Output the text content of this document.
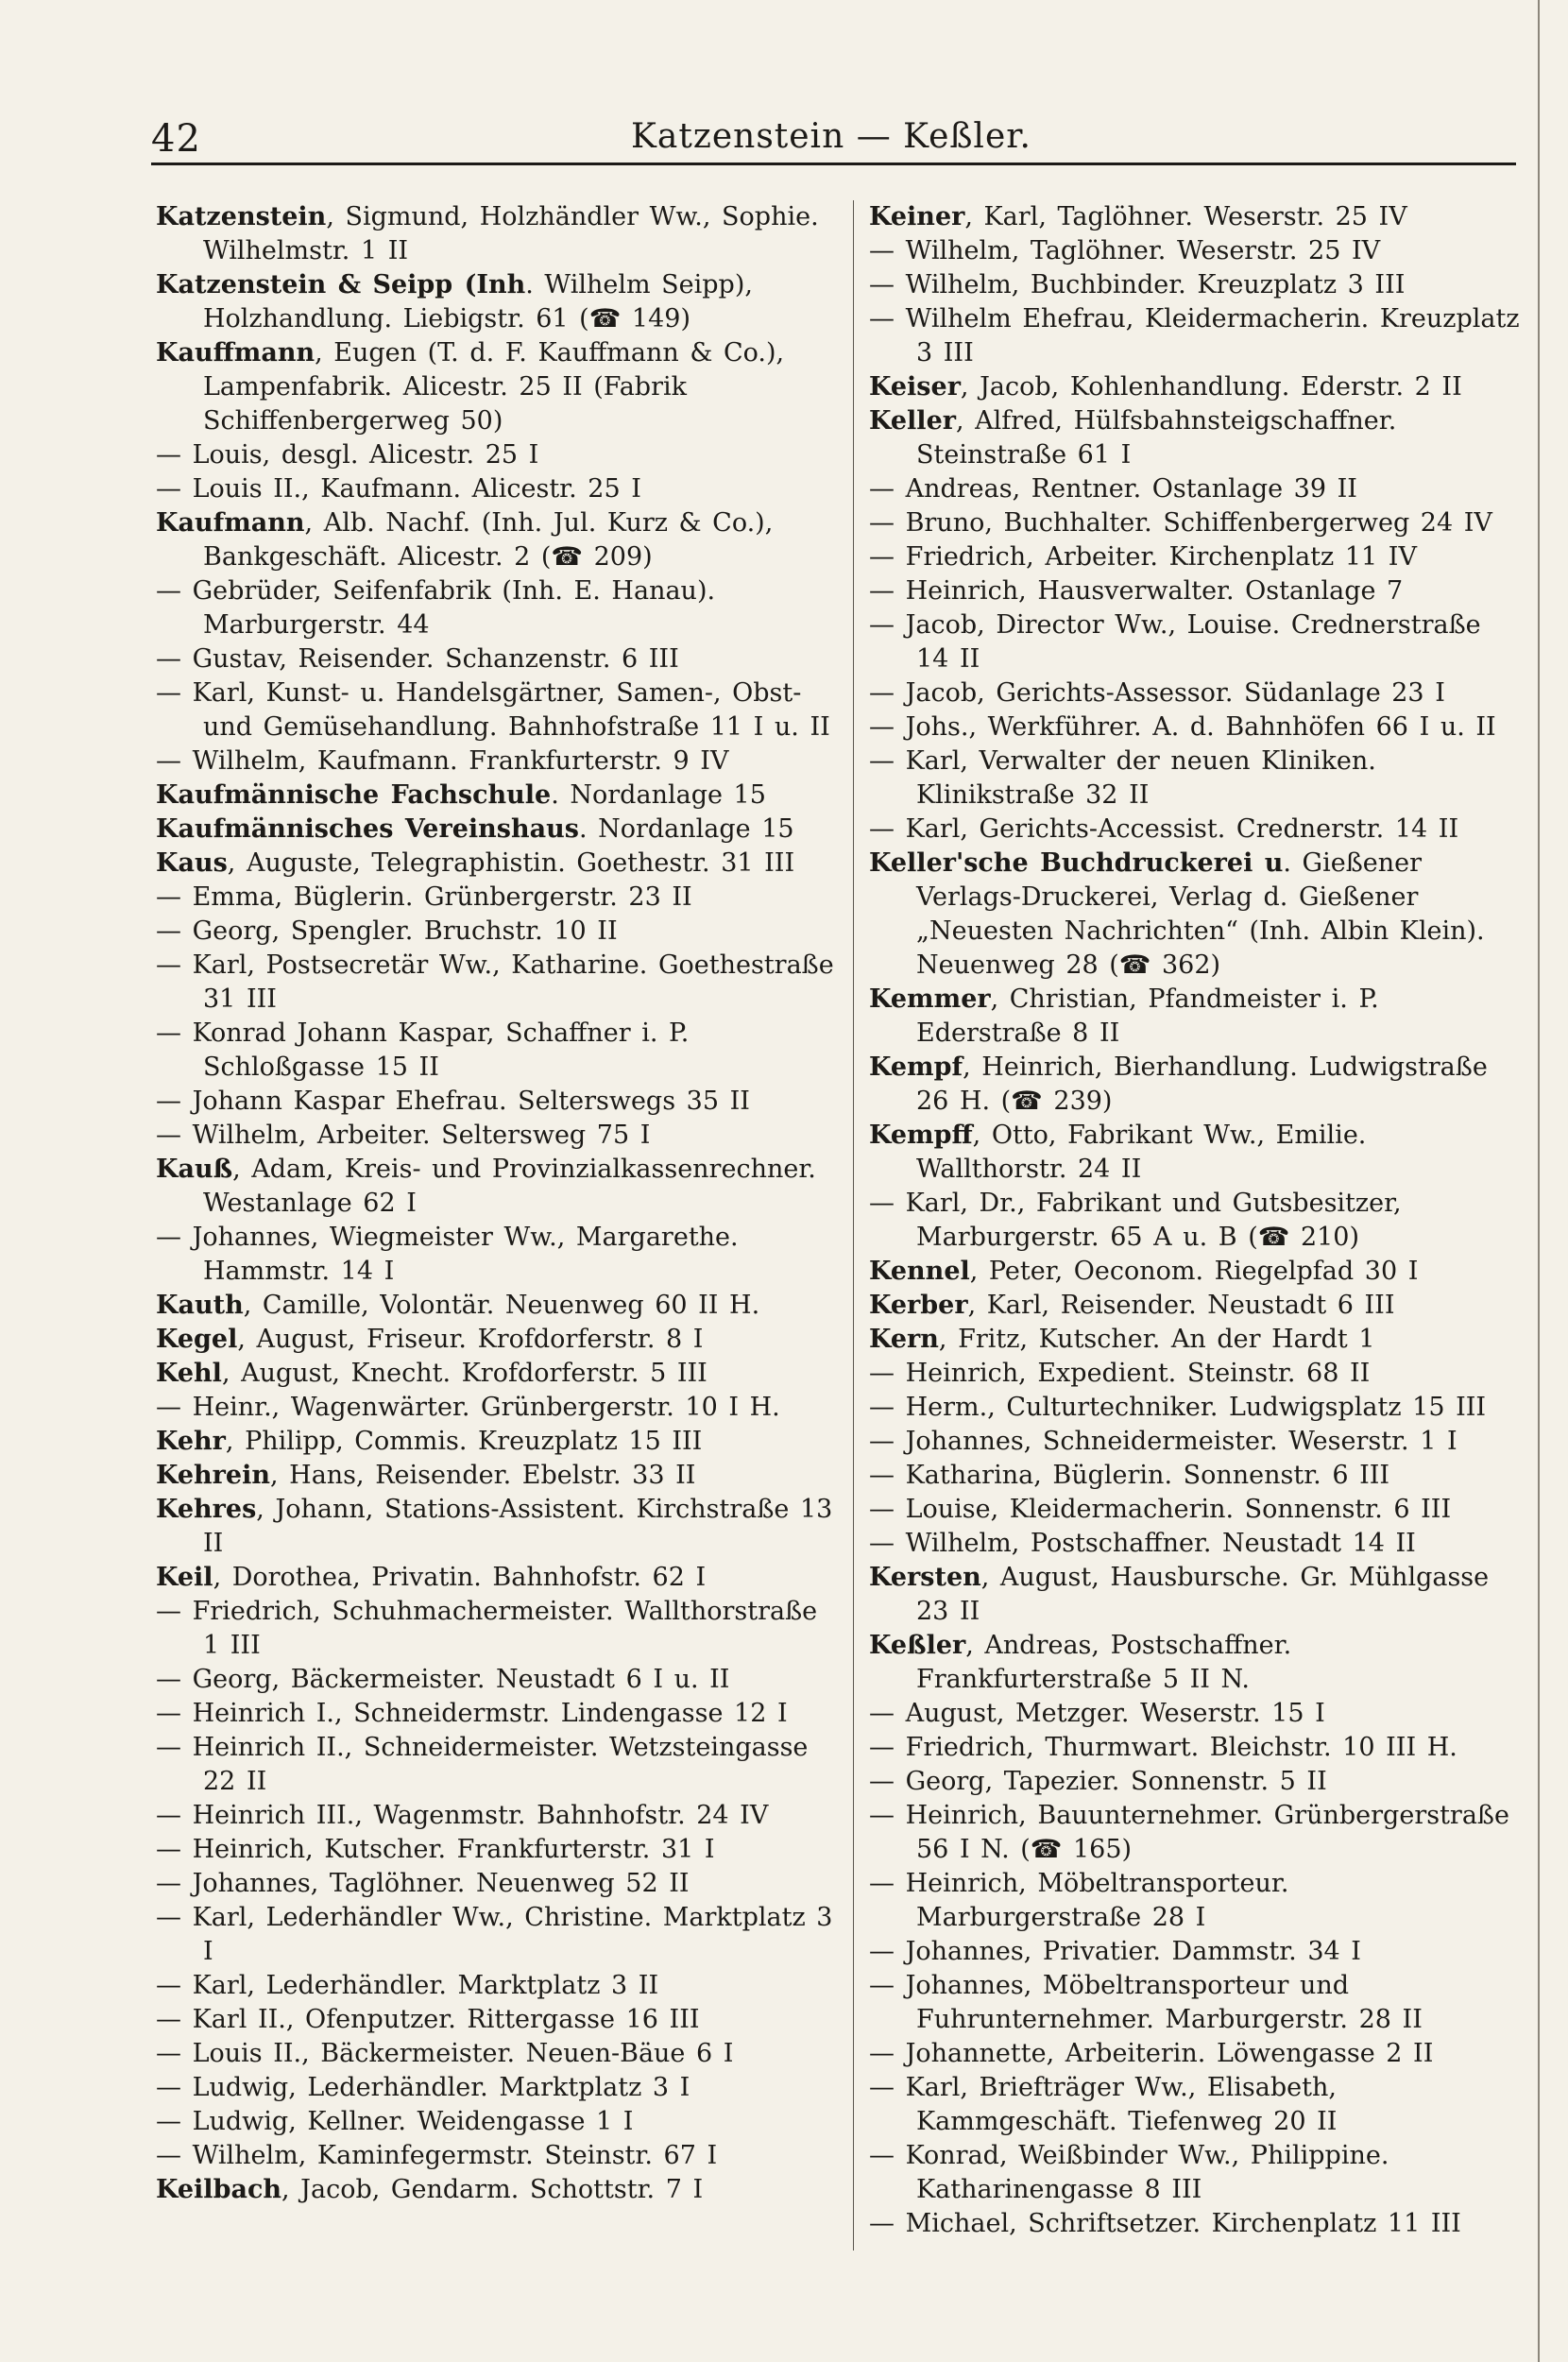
42	Katzenstein — Keßler.
Katzenstein, Sigmund, Holzhändler Ww., Sophie. Wilhelmstr. 1 II
Katzenstein & Seipp (Inh. Wilhelm Seipp), Holzhandlung. Liebigstr. 61 (☎ 149)
Kauffmann, Eugen (T. d. F. Kauffmann & Co.), Lampenfabrik. Alicestr. 25 II (Fabrik Schiffenbergerweg 50)
— Louis, desgl. Alicestr. 25 I
— Louis II., Kaufmann. Alicestr. 25 I
Kaufmann, Alb. Nachf. (Inh. Jul. Kurz & Co.), Bankgeschäft. Alicestr. 2 (☎ 209)
— Gebrüder, Seifenfabrik (Inh. E. Hanau). Marburgerstr. 44
— Gustav, Reisender. Schanzenstr. 6 III
— Karl, Kunst- u. Handelsgärtner, Samen-, Obst- und Gemüsehandlung. Bahnhofstraße 11 I u. II
— Wilhelm, Kaufmann. Frankfurterstr. 9 IV
Kaufmännische Fachschule. Nordanlage 15
Kaufmännisches Vereinshaus. Nordanlage 15
Kaus, Auguste, Telegraphistin. Goethestr. 31 III
— Emma, Büglerin. Grünbergerstr. 23 II
— Georg, Spengler. Bruchstr. 10 II
— Karl, Postsecretär Ww., Katharine. Goethestraße 31 III
— Konrad Johann Kaspar, Schaffner i. P. Schloßgasse 15 II
— Johann Kaspar Ehefrau. Selterswegs 35 II
— Wilhelm, Arbeiter. Seltersweg 75 I
Kauß, Adam, Kreis- und Provinzialkassenrechner. Westanlage 62 I
— Johannes, Wiegmeister Ww., Margarethe. Hammstr. 14 I
Kauth, Camille, Volontär. Neuenweg 60 II H.
Kegel, August, Friseur. Krofdorferstr. 8 I
Kehl, August, Knecht. Krofdorferstr. 5 III
— Heinr., Wagenwärter. Grünbergerstr. 10 I H.
Kehr, Philipp, Commis. Kreuzplatz 15 III
Kehrein, Hans, Reisender. Ebelstr. 33 II
Kehres, Johann, Stations-Assistent. Kirchstraße 13 II
Keil, Dorothea, Privatin. Bahnhofstr. 62 I
— Friedrich, Schuhmachermeister. Wallthorstraße 1 III
— Georg, Bäckermeister. Neustadt 6 I u. II
— Heinrich I., Schneidermstr. Lindengasse 12 I
— Heinrich II., Schneidermeister. Wetzsteingasse 22 II
— Heinrich III., Wagenmstr. Bahnhofstr. 24 IV
— Heinrich, Kutscher. Frankfurterstr. 31 I
— Johannes, Taglöhner. Neuenweg 52 II
— Karl, Lederhändler Ww., Christine. Marktplatz 3 I
— Karl, Lederhändler. Marktplatz 3 II
— Karl II., Ofenputzer. Rittergasse 16 III
— Louis II., Bäckermeister. Neuen-Bäue 6 I
— Ludwig, Lederhändler. Marktplatz 3 I
— Ludwig, Kellner. Weidengasse 1 I
— Wilhelm, Kaminfegermstr. Steinstr. 67 I
Keilbach, Jacob, Gendarm. Schottstr. 7 I
Keiner, Karl, Taglöhner. Weserstr. 25 IV
— Wilhelm, Taglöhner. Weserstr. 25 IV
— Wilhelm, Buchbinder. Kreuzplatz 3 III
— Wilhelm Ehefrau, Kleidermacherin. Kreuzplatz 3 III
Keiser, Jacob, Kohlenhandlung. Ederstr. 2 II
Keller, Alfred, Hülfsbahnsteigschaffner. Steinstraße 61 I
— Andreas, Rentner. Ostanlage 39 II
— Bruno, Buchhalter. Schiffenbergerweg 24 IV
— Friedrich, Arbeiter. Kirchenplatz 11 IV
— Heinrich, Hausverwalter. Ostanlage 7
— Jacob, Director Ww., Louise. Crednerstraße 14 II
— Jacob, Gerichts-Assessor. Südanlage 23 I
— Johs., Werkführer. A. d. Bahnhöfen 66 I u. II
— Karl, Verwalter der neuen Kliniken. Klinikstraße 32 II
— Karl, Gerichts-Accessist. Crednerstr. 14 II
Keller'sche Buchdruckerei u. Gießener Verlags-Druckerei, Verlag d. Gießener „Neuesten Nachrichten“ (Inh. Albin Klein). Neuenweg 28 (☎ 362)
Kemmer, Christian, Pfandmeister i. P. Ederstraße 8 II
Kempf, Heinrich, Bierhandlung. Ludwigstraße 26 H. (☎ 239)
Kempff, Otto, Fabrikant Ww., Emilie. Wallthorstr. 24 II
— Karl, Dr., Fabrikant und Gutsbesitzer, Marburgerstr. 65 A u. B (☎ 210)
Kennel, Peter, Oeconom. Riegelpfad 30 I
Kerber, Karl, Reisender. Neustadt 6 III
Kern, Fritz, Kutscher. An der Hardt 1
— Heinrich, Expedient. Steinstr. 68 II
— Herm., Culturtechniker. Ludwigsplatz 15 III
— Johannes, Schneidermeister. Weserstr. 1 I
— Katharina, Büglerin. Sonnenstr. 6 III
— Louise, Kleidermacherin. Sonnenstr. 6 III
— Wilhelm, Postschaffner. Neustadt 14 II
Kersten, August, Hausbursche. Gr. Mühlgasse 23 II
Keßler, Andreas, Postschaffner. Frankfurterstraße 5 II N.
— August, Metzger. Weserstr. 15 I
— Friedrich, Thurmwart. Bleichstr. 10 III H.
— Georg, Tapezier. Sonnenstr. 5 II
— Heinrich, Bauunternehmer. Grünbergerstraße 56 I N. (☎ 165)
— Heinrich, Möbeltransporteur. Marburgerstraße 28 I
— Johannes, Privatier. Dammstr. 34 I
— Johannes, Möbeltransporteur und Fuhrunternehmer. Marburgerstr. 28 II
— Johannette, Arbeiterin. Löwengasse 2 II
— Karl, Briefträger Ww., Elisabeth, Kammgeschäft. Tiefenweg 20 II
— Konrad, Weißbinder Ww., Philippine. Katharinengasse 8 III
— Michael, Schriftsetzer. Kirchenplatz 11 III
